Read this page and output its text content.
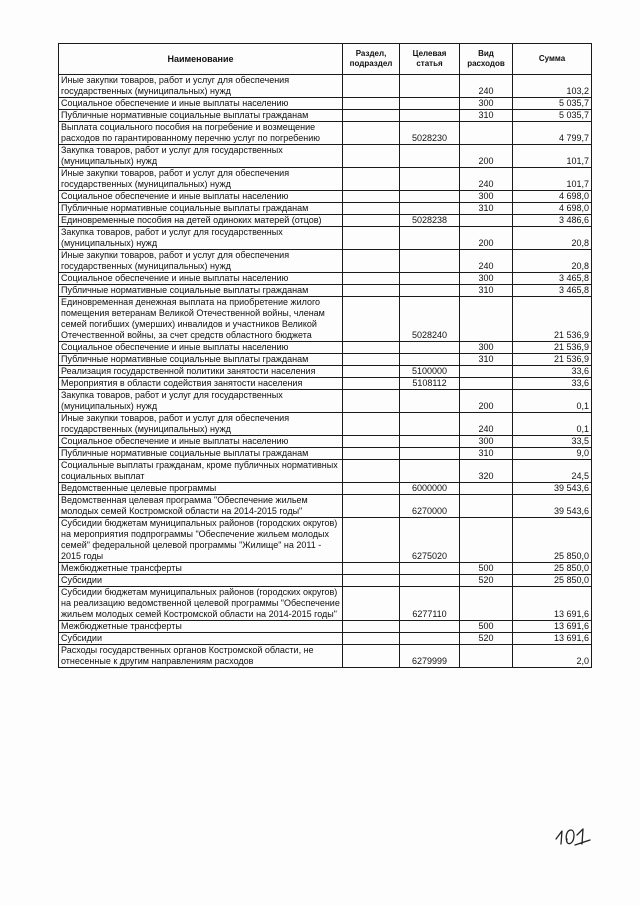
Наименование	Раздел, подраздел	Целевая статья	Вид расходов	Сумма
Иные закупки товаров, работ и услуг для обеспечения государственных (муниципальных) нужд			240	103,2
Социальное обеспечение и иные выплаты населению			300	5 035,7
Публичные нормативные социальные выплаты гражданам			310	5 035,7
Выплата социального пособия на погребение и возмещение расходов по гарантированному перечню услуг по погребению		5028230		4 799,7
Закупка товаров, работ и услуг для государственных (муниципальных) нужд			200	101,7
Иные закупки товаров, работ и услуг для обеспечения государственных (муниципальных) нужд			240	101,7
Социальное обеспечение и иные выплаты населению			300	4 698,0
Публичные нормативные социальные выплаты гражданам			310	4 698,0
Единовременные пособия на детей одиноких матерей (отцов)		5028238		3 486,6
Закупка товаров, работ и услуг для государственных (муниципальных) нужд			200	20,8
Иные закупки товаров, работ и услуг для обеспечения государственных (муниципальных) нужд			240	20,8
Социальное обеспечение и иные выплаты населению			300	3 465,8
Публичные нормативные социальные выплаты гражданам			310	3 465,8
Единовременная денежная выплата на приобретение жилого помещения ветеранам Великой Отечественной войны, членам семей погибших (умерших) инвалидов и участников Великой Отечественной войны, за счет средств областного бюджета		5028240		21 536,9
Социальное обеспечение и иные выплаты населению			300	21 536,9
Публичные нормативные социальные выплаты гражданам			310	21 536,9
Реализация государственной политики занятости населения		5100000		33,6
Мероприятия в области содействия занятости населения		5108112		33,6
Закупка товаров, работ и услуг для государственных (муниципальных) нужд			200	0,1
Иные закупки товаров, работ и услуг для обеспечения государственных (муниципальных) нужд			240	0,1
Социальное обеспечение и иные выплаты населению			300	33,5
Публичные нормативные социальные выплаты гражданам			310	9,0
Социальные выплаты гражданам, кроме публичных нормативных социальных выплат			320	24,5
Ведомственные целевые программы		6000000		39 543,6
Ведомственная целевая программа "Обеспечение жильем молодых семей Костромской области на 2014-2015 годы"		6270000		39 543,6
Субсидии бюджетам муниципальных районов (городских округов) на мероприятия подпрограммы "Обеспечение жильем молодых семей" федеральной целевой программы "Жилище" на 2011 - 2015 годы		6275020		25 850,0
Межбюджетные трансферты			500	25 850,0
Субсидии			520	25 850,0
Субсидии бюджетам муниципальных районов (городских округов) на реализацию ведомственной целевой программы "Обеспечение жильем молодых семей Костромской области на 2014-2015 годы"		6277110		13 691,6
Межбюджетные трансферты			500	13 691,6
Субсидии			520	13 691,6
Расходы государственных органов Костромской области, не отнесенные к другим направлениям расходов		6279999		2,0
